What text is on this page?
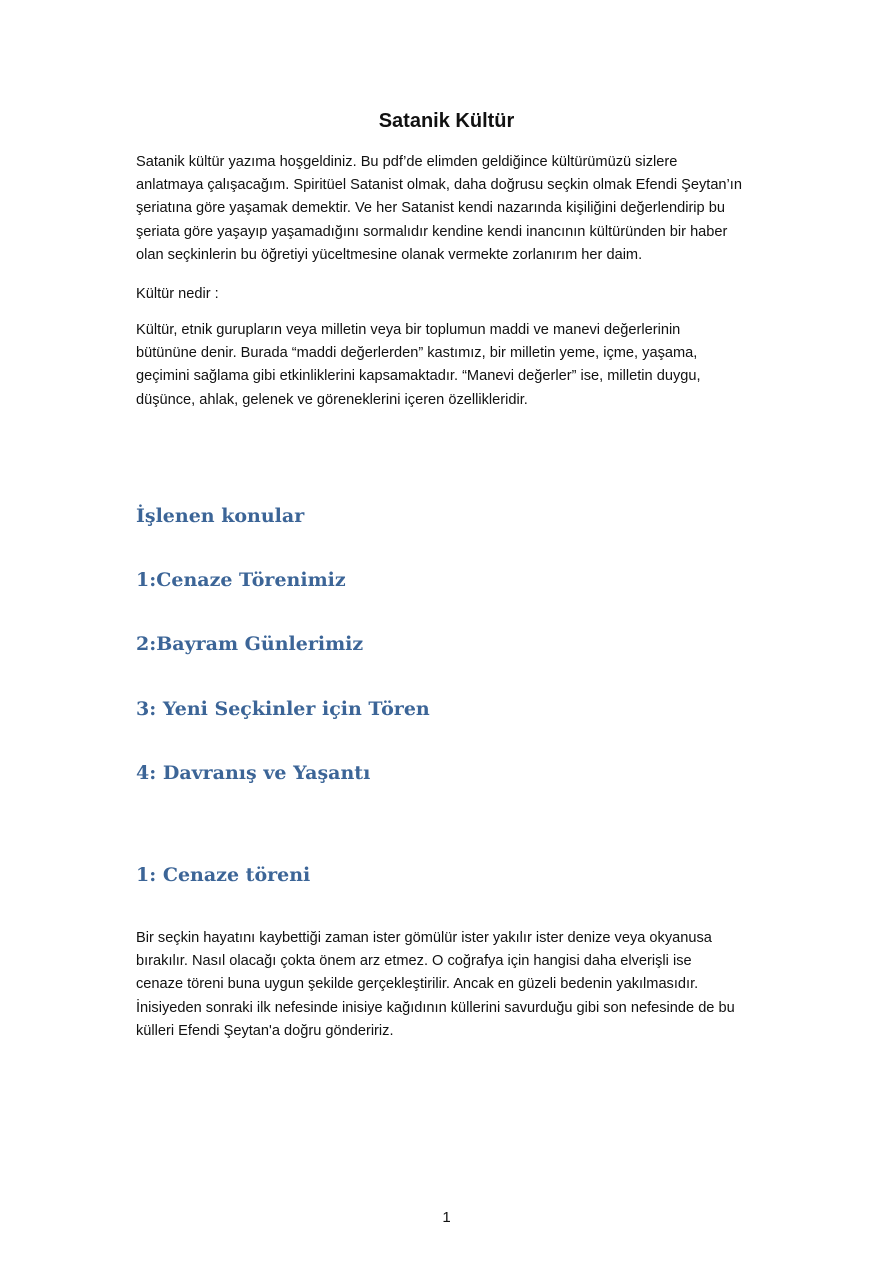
Satanik Kültür

Satanik kültür yazıma hoşgeldiniz. Bu pdf’de elimden geldiğince kültürümüzü sizlere
anlatmaya çalışacağım. Spiritüel Satanist olmak, daha doğrusu seçkin olmak Efendi Şeytan’ın
şeriatına göre yaşamak demektir. Ve her Satanist kendi nazarında kişiliğini değerlendirip bu
şeriata göre yaşayıp yaşamadığını sormalıdır kendine kendi inancının kültüründen bir haber
olan seçkinlerin bu öğretiyi yüceltmesine olanak vermekte zorlanırım her daim.

Kültür nedir :

Kültür, etnik gurupların veya milletin veya bir toplumun maddi ve manevi değerlerinin
bütününe denir. Burada “maddi değerlerden” kastımız, bir milletin yeme, içme, yaşama,
geçimini sağlama gibi etkinliklerini kapsamaktadır. “Manevi değerler” ise, milletin duygu,
düşünce, ahlak, gelenek ve göreneklerini içeren özellikleridir.

İşlenen konular
1:Cenaze Törenimiz
2:Bayram Günlerimiz
3: Yeni Seçkinler için Tören
4: Davranış ve Yaşantı
1: Cenaze töreni

Bir seçkin hayatını kaybettiği zaman ister gömülür ister yakılır ister denize veya okyanusa
bırakılır. Nasıl olacağı çokta önem arz etmez. O coğrafya için hangisi daha elverişli ise
cenaze töreni buna uygun şekilde gerçekleştirilir. Ancak en güzeli bedenin yakılmasıdır.
İnisiyeden sonraki ilk nefesinde inisiye kağıdının küllerini savurduğu gibi son nefesinde de bu
külleri Efendi Şeytan'a doğru göndeririz.

1
